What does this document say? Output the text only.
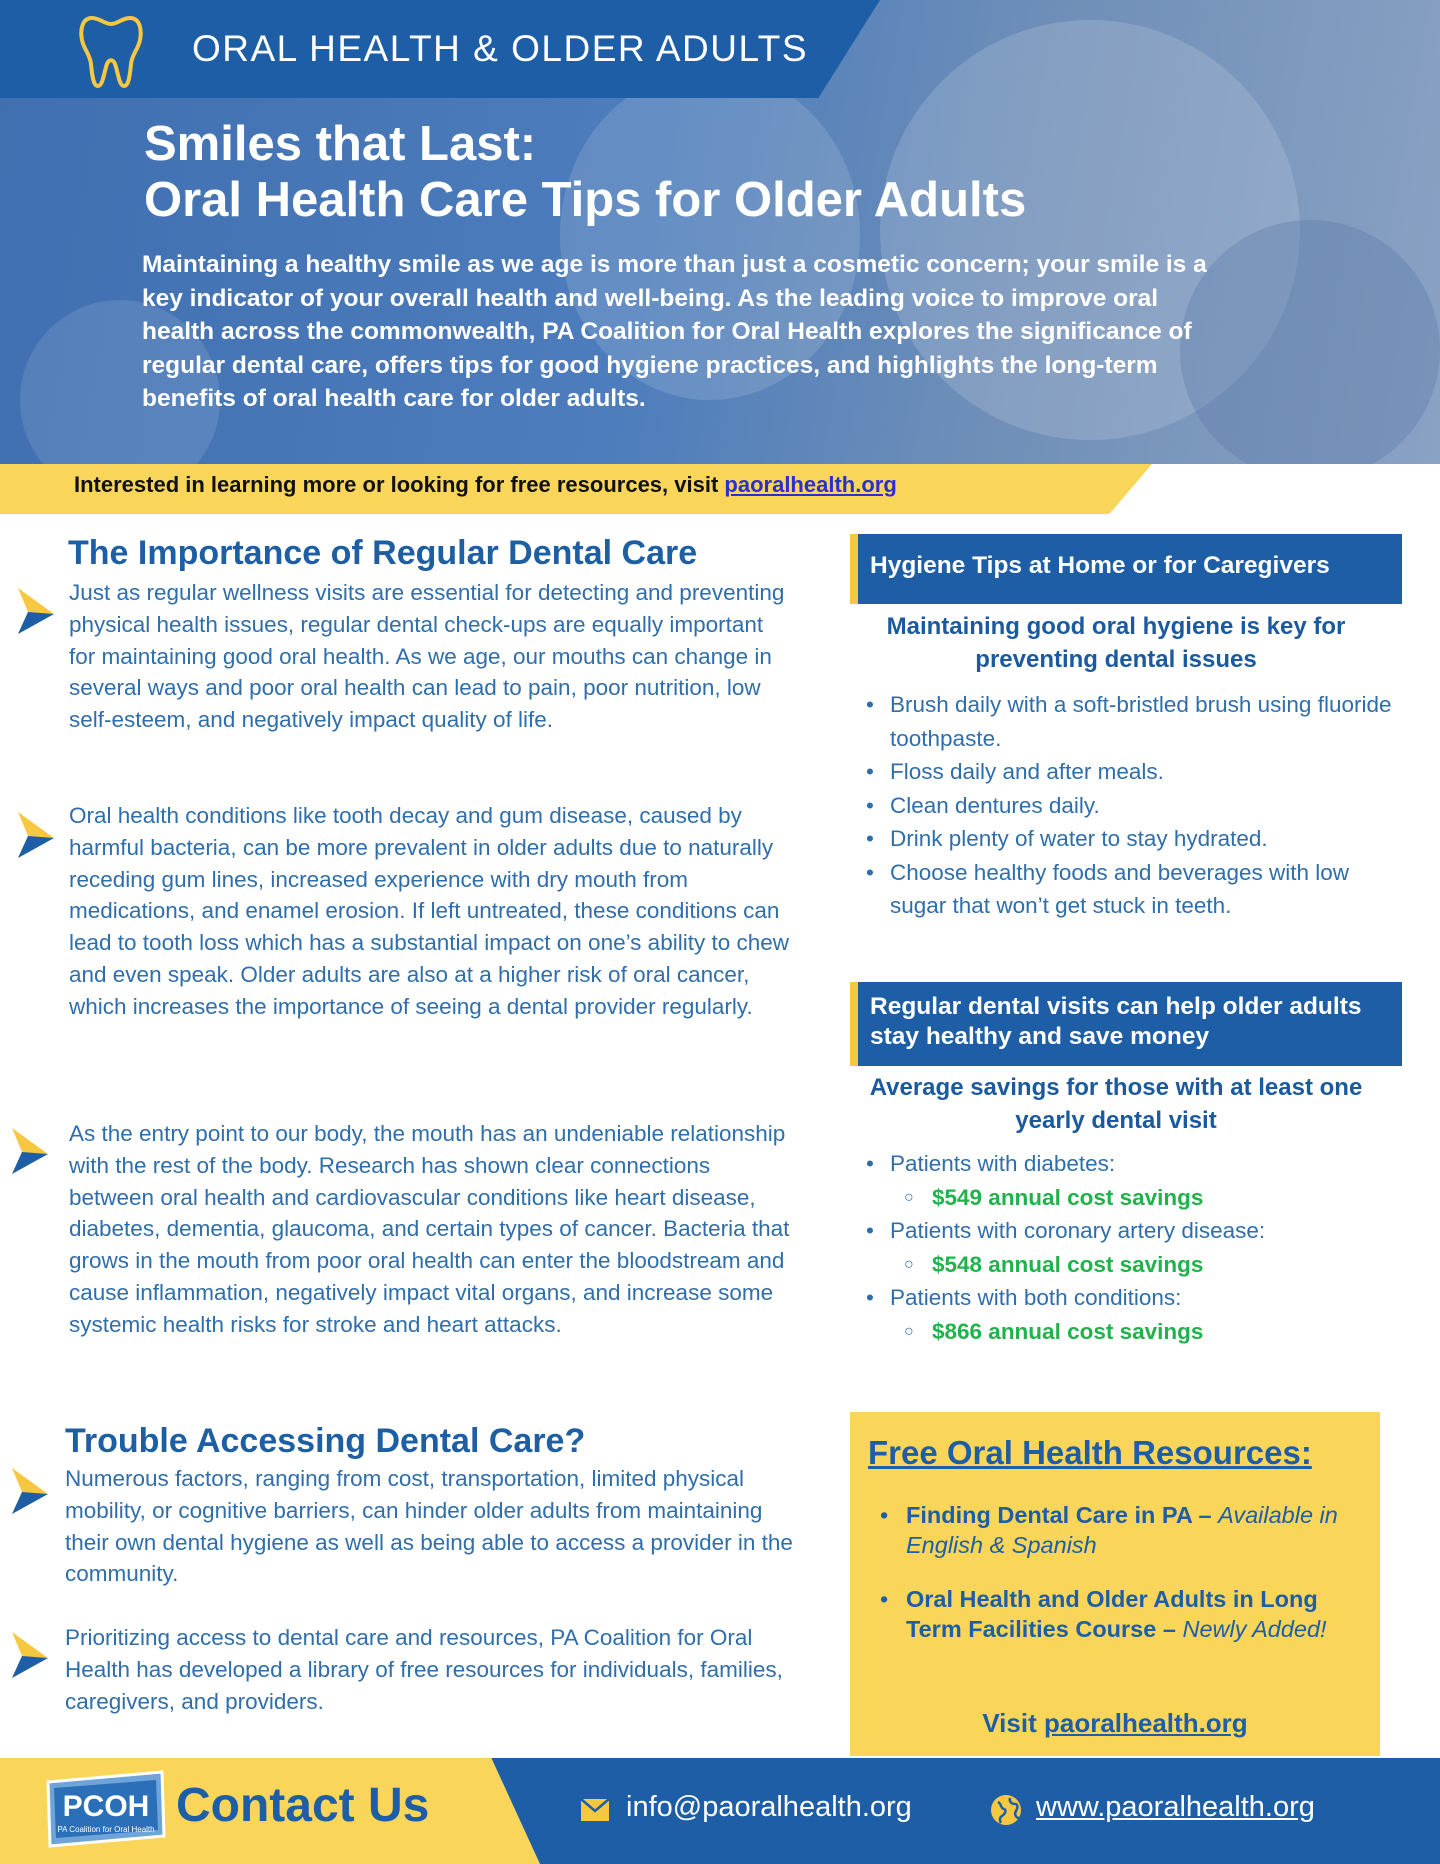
ORAL HEALTH & OLDER ADULTS
Smiles that Last:
Oral Health Care Tips for Older Adults
Maintaining a healthy smile as we age is more than just a cosmetic concern; your smile is a key indicator of your overall health and well-being. As the leading voice to improve oral health across the commonwealth, PA Coalition for Oral Health explores the significance of regular dental care, offers tips for good hygiene practices, and highlights the long-term benefits of oral health care for older adults.
Interested in learning more or looking for free resources, visit paoralhealth.org
The Importance of Regular Dental Care
Just as regular wellness visits are essential for detecting and preventing physical health issues, regular dental check-ups are equally important for maintaining good oral health. As we age, our mouths can change in several ways and poor oral health can lead to pain, poor nutrition, low self-esteem, and negatively impact quality of life.
Oral health conditions like tooth decay and gum disease, caused by harmful bacteria, can be more prevalent in older adults due to naturally receding gum lines, increased experience with dry mouth from medications, and enamel erosion. If left untreated, these conditions can lead to tooth loss which has a substantial impact on one’s ability to chew and even speak. Older adults are also at a higher risk of oral cancer, which increases the importance of seeing a dental provider regularly.
As the entry point to our body, the mouth has an undeniable relationship with the rest of the body. Research has shown clear connections between oral health and cardiovascular conditions like heart disease, diabetes, dementia, glaucoma, and certain types of cancer. Bacteria that grows in the mouth from poor oral health can enter the bloodstream and cause inflammation, negatively impact vital organs, and increase some systemic health risks for stroke and heart attacks.
Trouble Accessing Dental Care?
Numerous factors, ranging from cost, transportation, limited physical mobility, or cognitive barriers, can hinder older adults from maintaining their own dental hygiene as well as being able to access a provider in the community.
Prioritizing access to dental care and resources, PA Coalition for Oral Health has developed a library of free resources for individuals, families, caregivers, and providers.
Hygiene Tips at Home or for Caregivers
Maintaining good oral hygiene is key for preventing dental issues
• Brush daily with a soft-bristled brush using fluoride toothpaste.
• Floss daily and after meals.
• Clean dentures daily.
• Drink plenty of water to stay hydrated.
• Choose healthy foods and beverages with low sugar that won’t get stuck in teeth.
Regular dental visits can help older adults stay healthy and save money
Average savings for those with at least one yearly dental visit
• Patients with diabetes:
○ $549 annual cost savings
• Patients with coronary artery disease:
○ $548 annual cost savings
• Patients with both conditions:
○ $866 annual cost savings
Free Oral Health Resources:
• Finding Dental Care in PA – Available in English & Spanish
• Oral Health and Older Adults in Long Term Facilities Course – Newly Added!
Visit paoralhealth.org
PCOH
PA Coalition for Oral Health Contact Us	info@paoralhealth.org	www.paoralhealth.org
